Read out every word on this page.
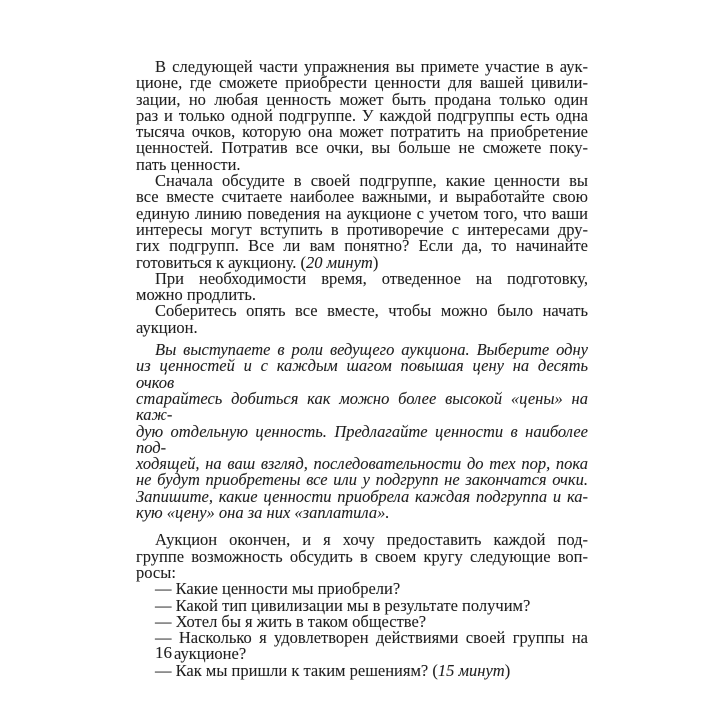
В следующей части упражнения вы примете участие в аук-
ционе, где сможете приобрести ценности для вашей цивили-
зации, но любая ценность может быть продана только один
раз и только одной подгруппе. У каждой подгруппы есть одна
тысяча очков, которую она может потратить на приобретение
ценностей. Потратив все очки, вы больше не сможете поку-
пать ценности.
Сначала обсудите в своей подгруппе, какие ценности вы
все вместе считаете наиболее важными, и выработайте свою
единую линию поведения на аукционе с учетом того, что ваши
интересы могут вступить в противоречие с интересами дру-
гих подгрупп. Все ли вам понятно? Если да, то начинайте
готовиться к аукциону. (20 минут)
При необходимости время, отведенное на подготовку,
можно продлить.
Соберитесь опять все вместе, чтобы можно было начать
аукцион.
Вы выступаете в роли ведущего аукциона. Выберите одну
из ценностей и с каждым шагом повышая цену на десять очков
старайтесь добиться как можно более высокой «цены» на каж-
дую отдельную ценность. Предлагайте ценности в наиболее под-
ходящей, на ваш взгляд, последовательности до тех пор, пока
не будут приобретены все или у подгрупп не закончатся очки.
Запишите, какие ценности приобрела каждая подгруппа и ка-
кую «цену» она за них «заплатила».
Аукцион окончен, и я хочу предоставить каждой под-
группе возможность обсудить в своем кругу следующие воп-
росы:
— Какие ценности мы приобрели?
— Какой тип цивилизации мы в результате получим?
— Хотел бы я жить в таком обществе?
— Насколько я удовлетворен действиями своей группы на
аукционе?
— Как мы пришли к таким решениям? (15 минут)
16
